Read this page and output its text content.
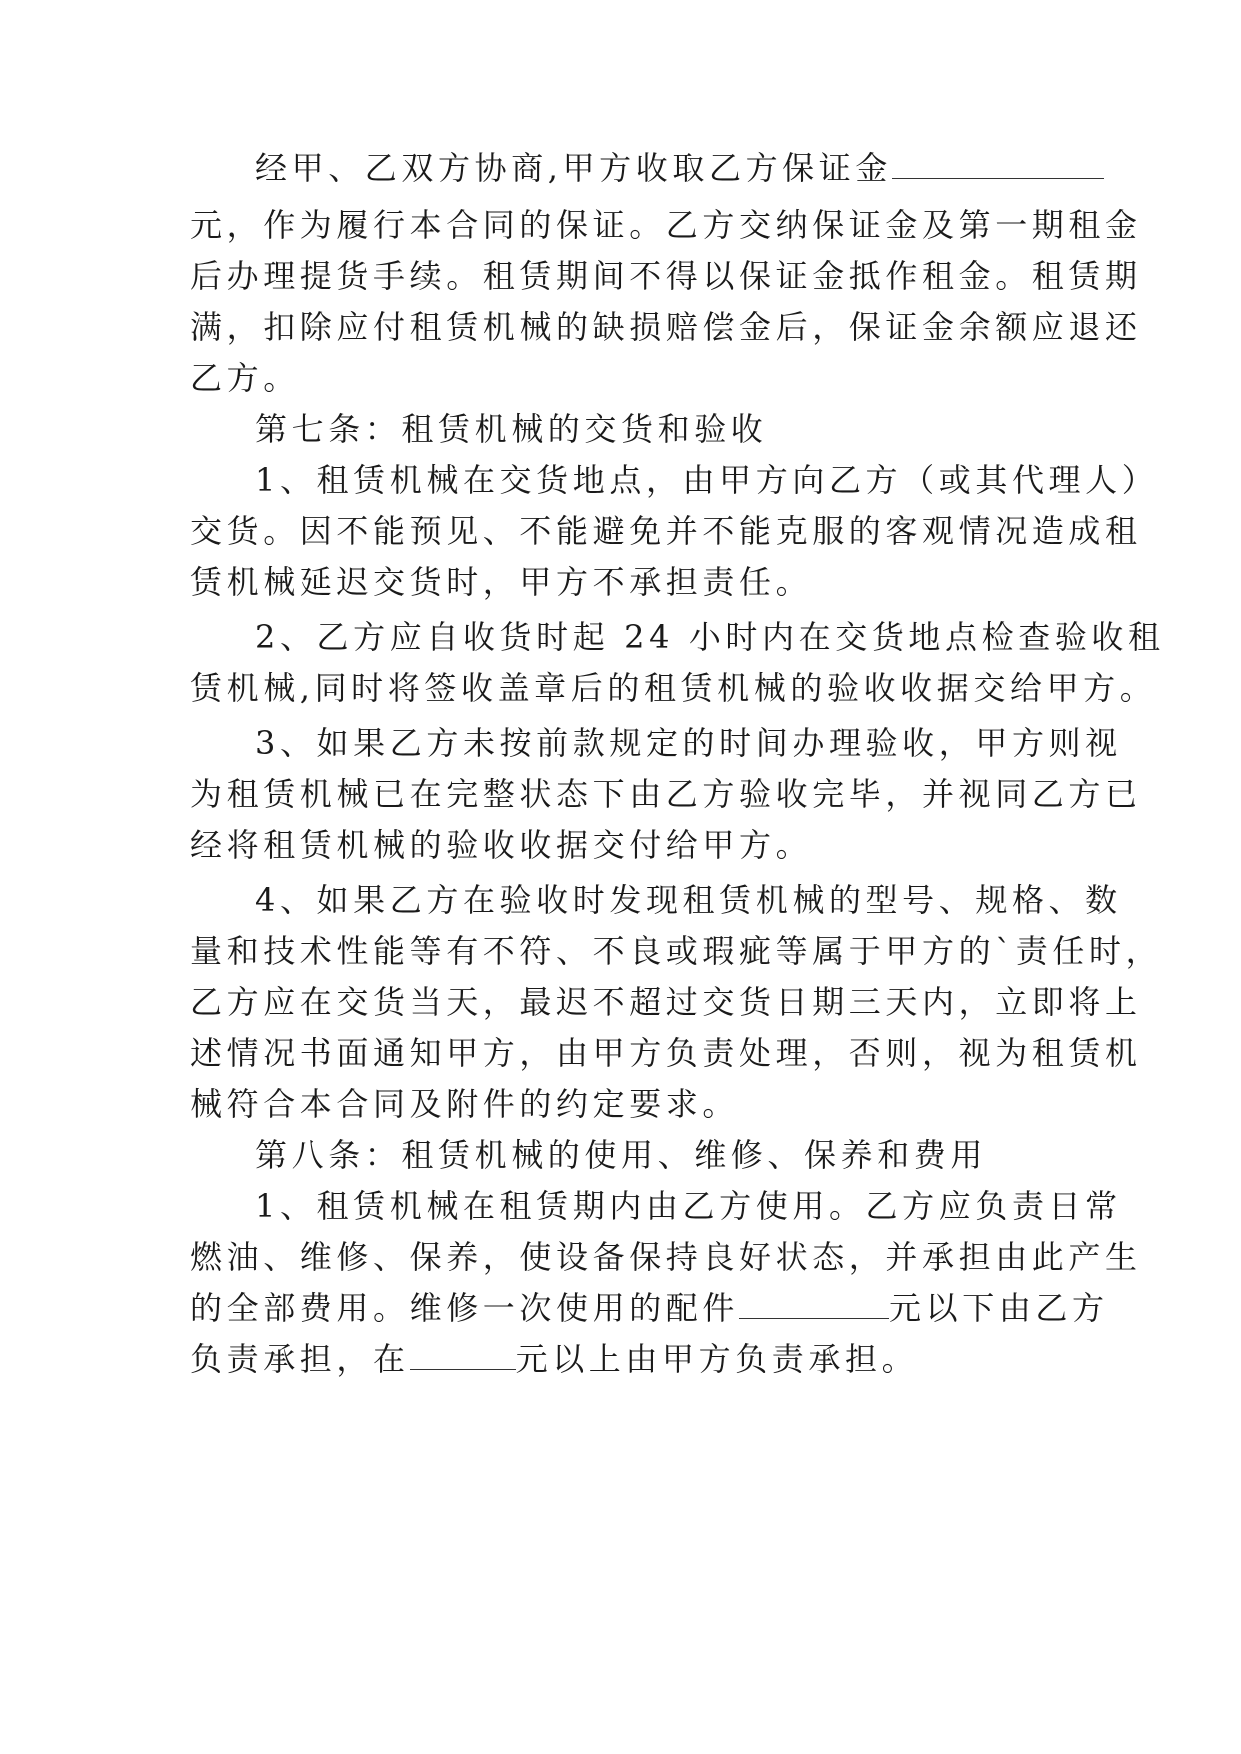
经甲、乙双方协商,甲方收取乙方保证金
元，作为履行本合同的保证。乙方交纳保证金及第一期租金
后办理提货手续。租赁期间不得以保证金抵作租金。租赁期
满，扣除应付租赁机械的缺损赔偿金后，保证金余额应退还
乙方。
第七条：租赁机械的交货和验收
1、租赁机械在交货地点，由甲方向乙方（或其代理人）
交货。因不能预见、不能避免并不能克服的客观情况造成租
赁机械延迟交货时，甲方不承担责任。
2、乙方应自收货时起 24 小时内在交货地点检查验收租
赁机械,同时将签收盖章后的租赁机械的验收收据交给甲方。
3、如果乙方未按前款规定的时间办理验收，甲方则视
为租赁机械已在完整状态下由乙方验收完毕，并视同乙方已
经将租赁机械的验收收据交付给甲方。
4、如果乙方在验收时发现租赁机械的型号、规格、数
量和技术性能等有不符、不良或瑕疵等属于甲方的`责任时，
乙方应在交货当天，最迟不超过交货日期三天内，立即将上
述情况书面通知甲方，由甲方负责处理，否则，视为租赁机
械符合本合同及附件的约定要求。
第八条：租赁机械的使用、维修、保养和费用
1、租赁机械在租赁期内由乙方使用。乙方应负责日常
燃油、维修、保养，使设备保持良好状态，并承担由此产生
的全部费用。维修一次使用的配件	元以下由乙方
负责承担，在	元以上由甲方负责承担。
